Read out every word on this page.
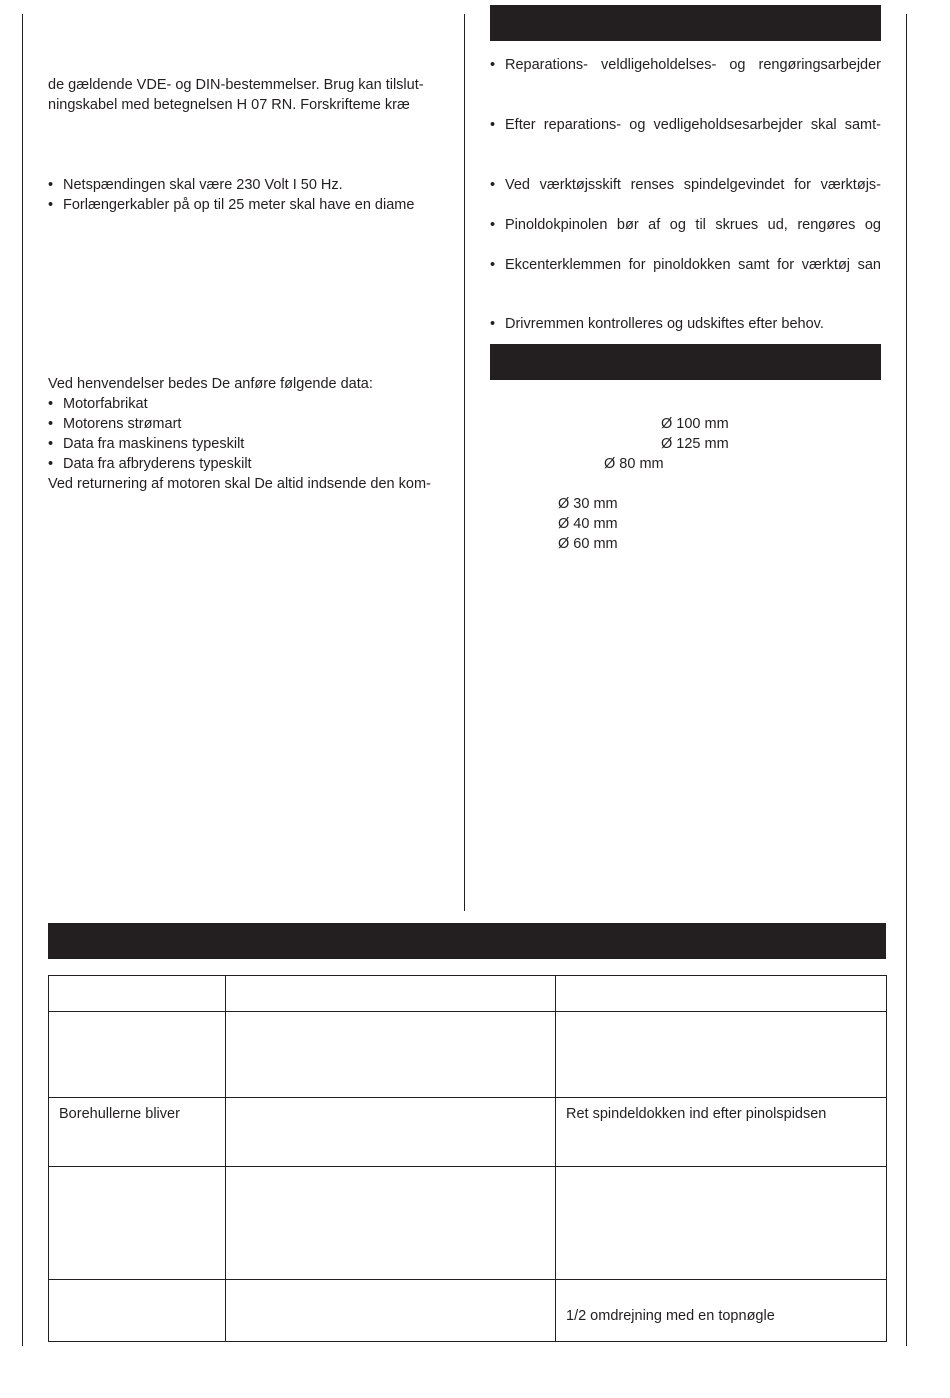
de gældende VDE- og DIN-bestemmelser. Brug kan tilslut-

ningskabel med betegnelsen H 07 RN. Forskrifteme kræ

• Netspændingen skal være 230 Volt I 50 Hz.

• Forlængerkabler på op til 25 meter skal have en diame

Ved henvendelser bedes De anføre følgende data:

• Motorfabrikat

• Motorens strømart

• Data fra maskinens typeskilt

• Data fra afbryderens typeskilt

Ved returnering af motoren skal De altid indsende den kom-

• Reparations- veldligeholdelses- og rengøringsarbejder

• Efter reparations- og vedligeholdsesarbejder skal samt-

• Ved værktøjsskift renses spindelgevindet for værktøjs-

• Pinoldokpinolen bør af og til skrues ud, rengøres og

• Ekcenterklemmen for pinoldokken samt for værktøj san

• Drivremmen kontrolleres og udskiftes efter behov.

Ø 100 mm

Ø 125 mm

Ø 80 mm

Ø 30 mm

Ø 40 mm

Ø 60 mm

Borehullerne bliver		Ret spindeldokken ind efter pinolspidsen

		1/2 omdrejning med en topnøgle
